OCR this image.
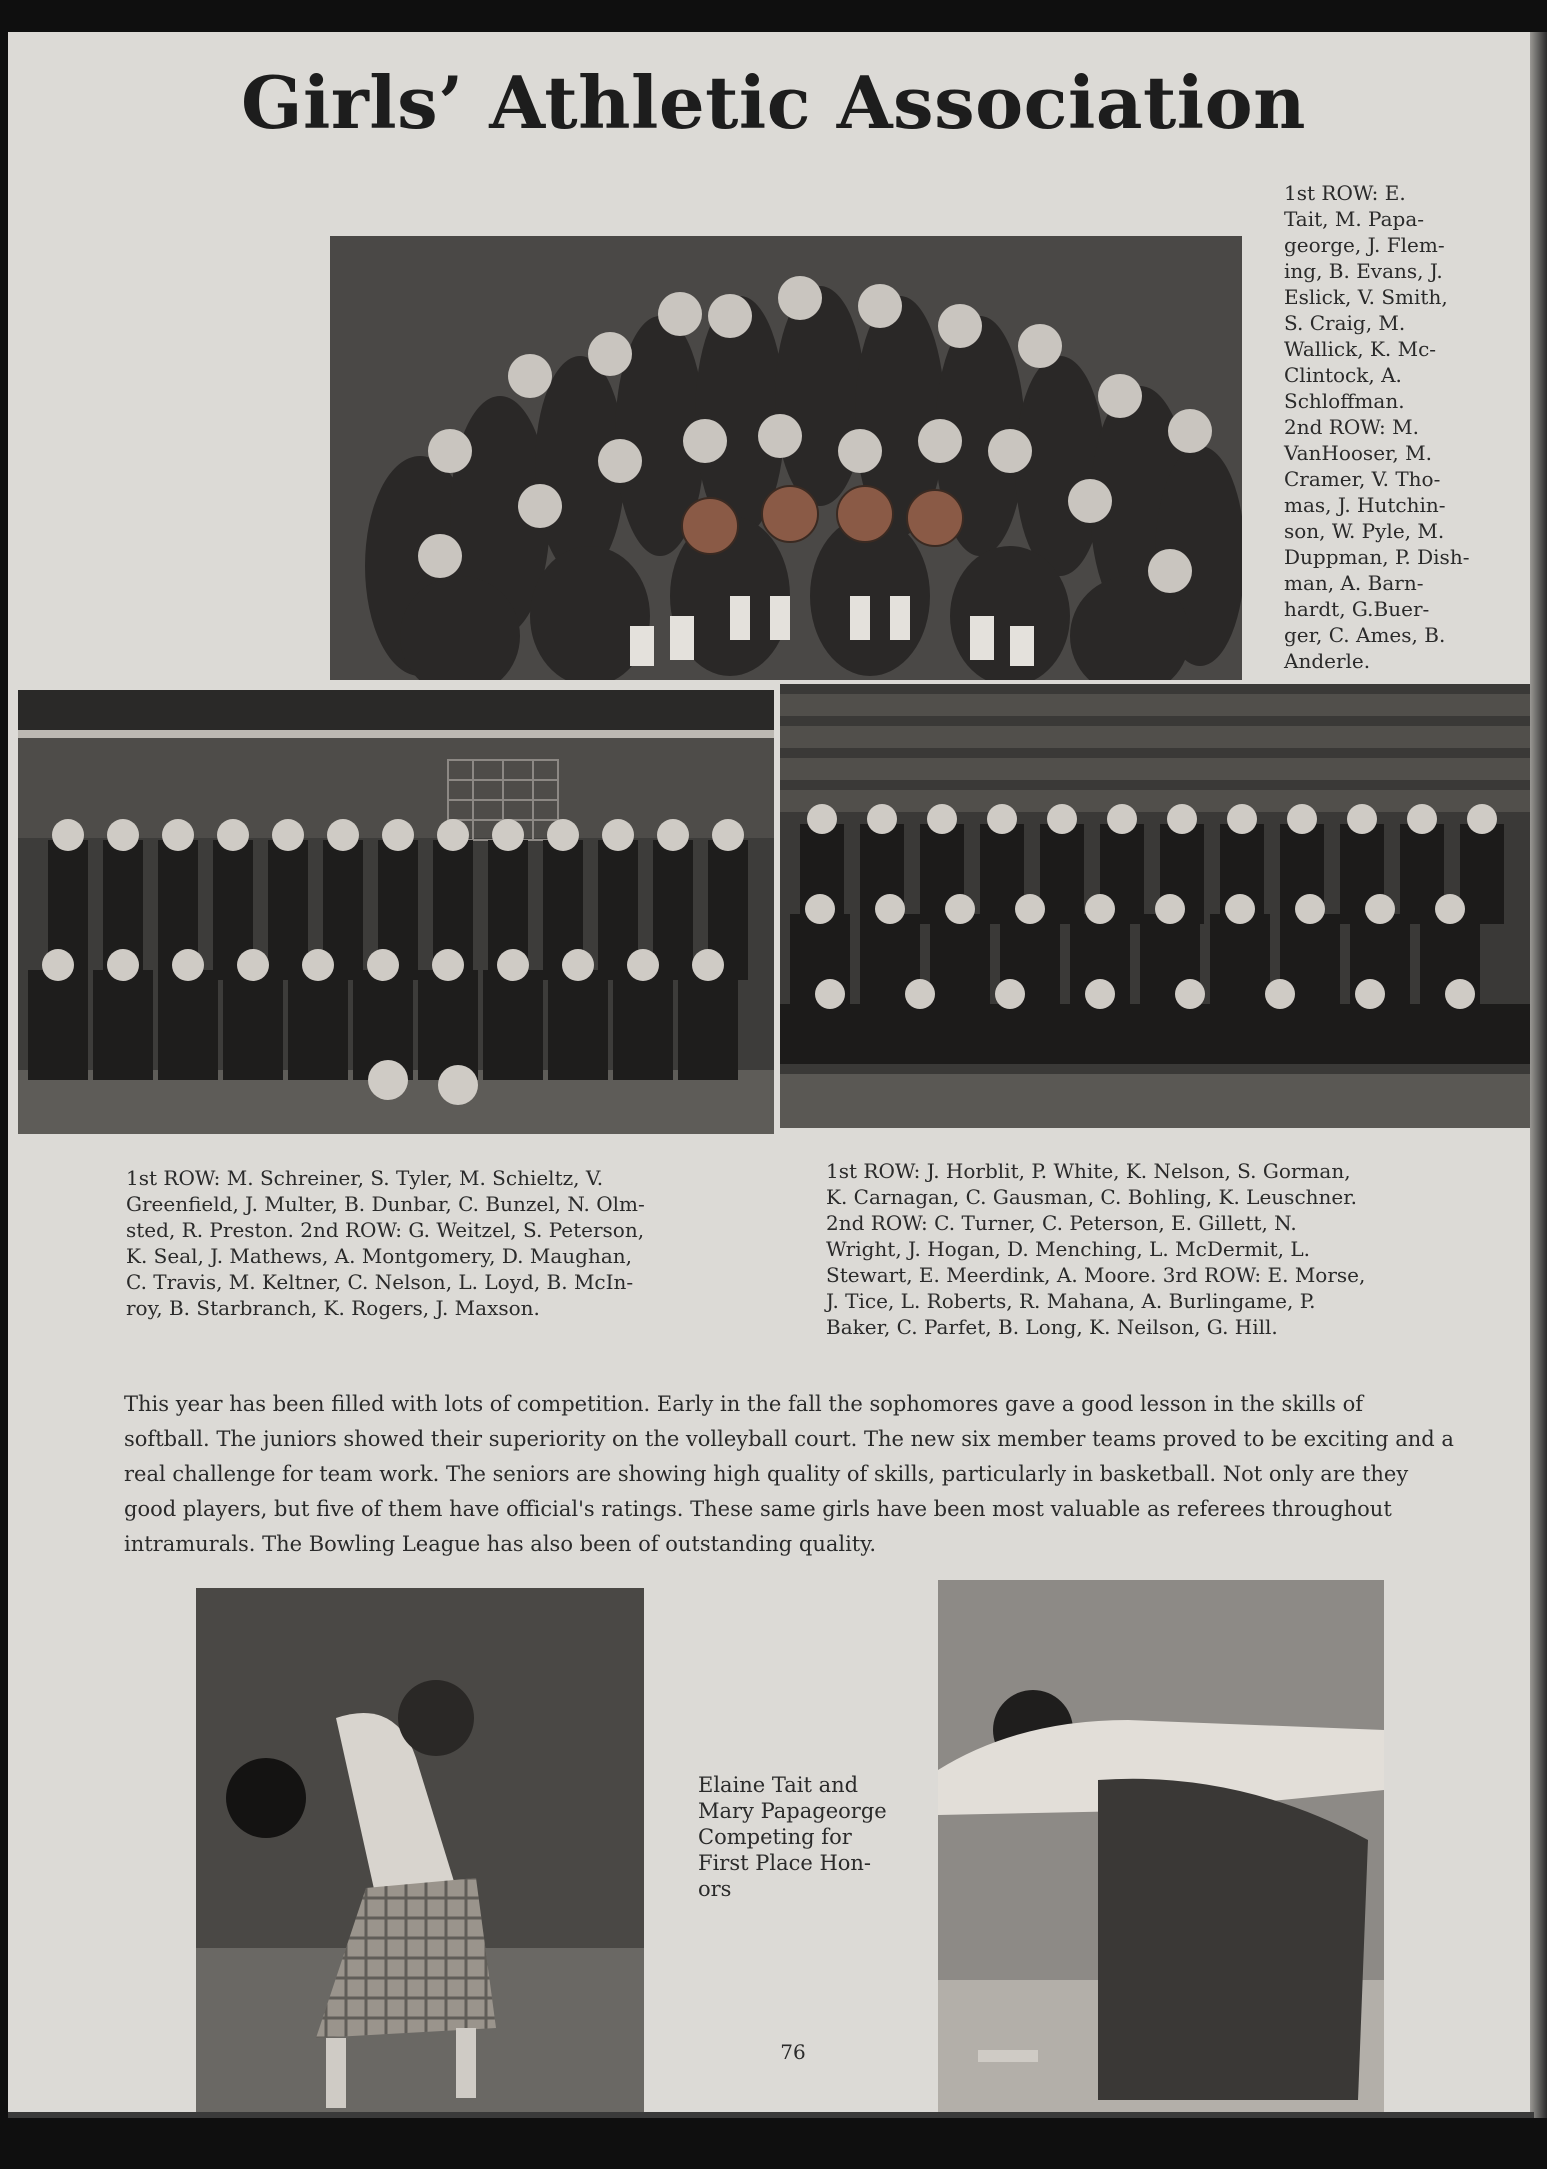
Girls’ Athletic Association

1st ROW: E.
Tait, M. Papa-
george, J. Flem-
ing, B. Evans, J.
Eslick, V. Smith,
S. Craig, M.
Wallick, K. Mc-
Clintock, A.
Schloffman.
2nd ROW: M.
VanHooser, M.
Cramer, V. Tho-
mas, J. Hutchin-
son, W. Pyle, M.
Duppman, P. Dish-
man, A. Barn-
hardt, G.Buer-
ger, C. Ames, B.
Anderle.

1st ROW: M. Schreiner, S. Tyler, M. Schieltz, V.
Greenfield, J. Multer, B. Dunbar, C. Bunzel, N. Olm-
sted, R. Preston. 2nd ROW: G. Weitzel, S. Peterson,
K. Seal, J. Mathews, A. Montgomery, D. Maughan,
C. Travis, M. Keltner, C. Nelson, L. Loyd, B. McIn-
roy, B. Starbranch, K. Rogers, J. Maxson.

1st ROW: J. Horblit, P. White, K. Nelson, S. Gorman,
K. Carnagan, C. Gausman, C. Bohling, K. Leuschner.
2nd ROW: C. Turner, C. Peterson, E. Gillett, N.
Wright, J. Hogan, D. Menching, L. McDermit, L.
Stewart, E. Meerdink, A. Moore. 3rd ROW: E. Morse,
J. Tice, L. Roberts, R. Mahana, A. Burlingame, P.
Baker, C. Parfet, B. Long, K. Neilson, G. Hill.

This year has been filled with lots of competition. Early in the fall the sophomores gave a good lesson in the skills of softball. The juniors showed their superiority on the volleyball court. The new six member teams proved to be exciting and a real challenge for team work. The seniors are showing high quality of skills, particularly in basketball. Not only are they good players, but five of them have official's ratings. These same girls have been most valuable as referees throughout intramurals. The Bowling League has also been of outstanding quality.

Elaine Tait and
Mary Papageorge
Competing for
First Place Hon-
ors

76
